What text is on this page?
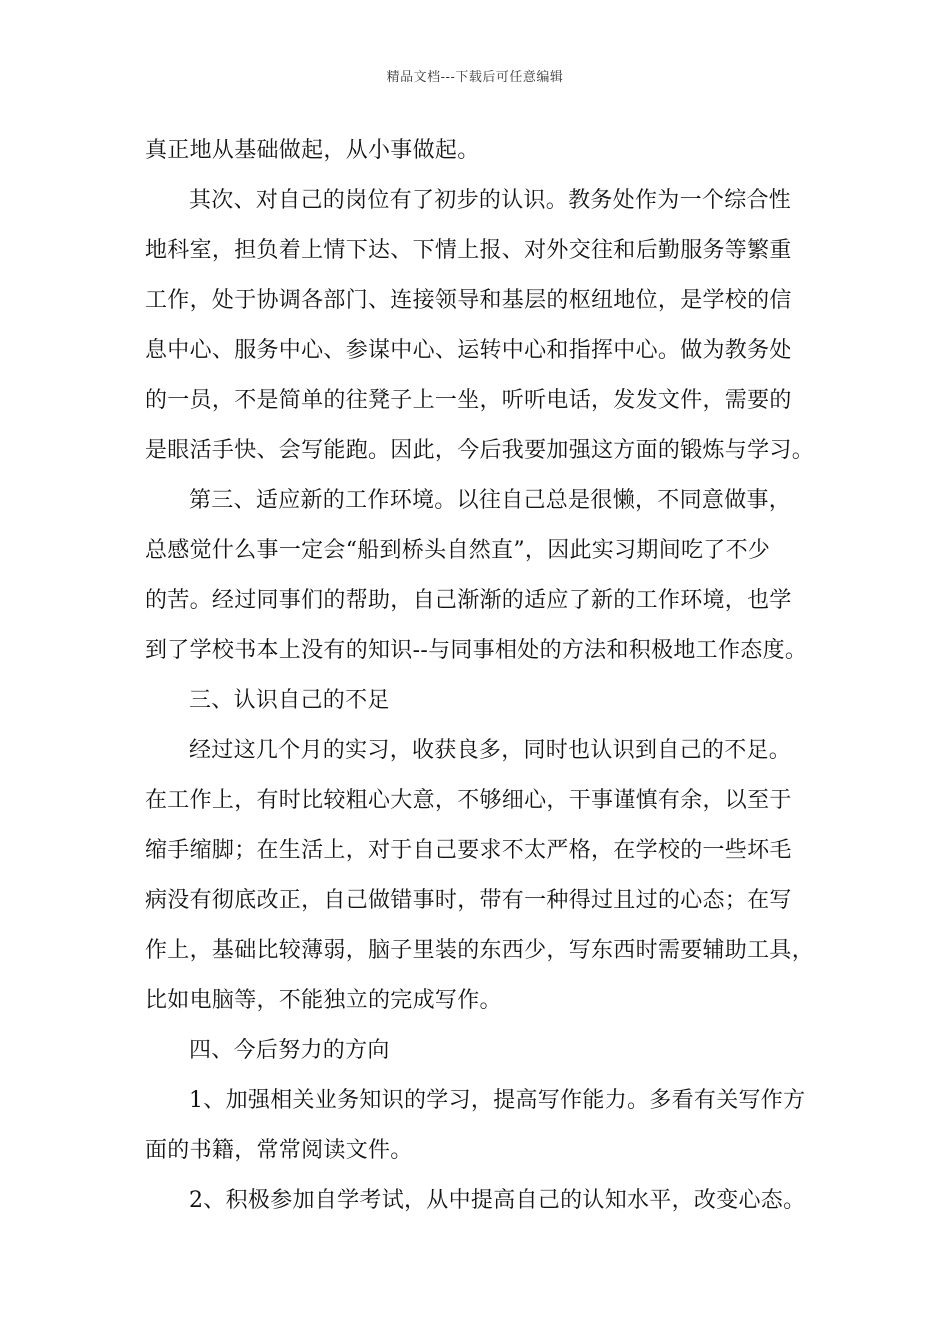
精品文档---下载后可任意编辑
真正地从基础做起，从小事做起。
其次、对自己的岗位有了初步的认识。教务处作为一个综合性
地科室，担负着上情下达、下情上报、对外交往和后勤服务等繁重
工作，处于协调各部门、连接领导和基层的枢纽地位，是学校的信
息中心、服务中心、参谋中心、运转中心和指挥中心。做为教务处
的一员，不是简单的往凳子上一坐，听听电话，发发文件，需要的
是眼活手快、会写能跑。因此，今后我要加强这方面的锻炼与学习。
第三、适应新的工作环境。以往自己总是很懒，不同意做事，
总感觉什么事一定会“船到桥头自然直”，因此实习期间吃了不少
的苦。经过同事们的帮助，自己渐渐的适应了新的工作环境，也学
到了学校书本上没有的知识--与同事相处的方法和积极地工作态度。
三、认识自己的不足
经过这几个月的实习，收获良多，同时也认识到自己的不足。
在工作上，有时比较粗心大意，不够细心，干事谨慎有余，以至于
缩手缩脚；在生活上，对于自己要求不太严格，在学校的一些坏毛
病没有彻底改正，自己做错事时，带有一种得过且过的心态；在写
作上，基础比较薄弱，脑子里装的东西少，写东西时需要辅助工具，
比如电脑等，不能独立的完成写作。
四、今后努力的方向
1、加强相关业务知识的学习，提高写作能力。多看有关写作方
面的书籍，常常阅读文件。
2、积极参加自学考试，从中提高自己的认知水平，改变心态。
